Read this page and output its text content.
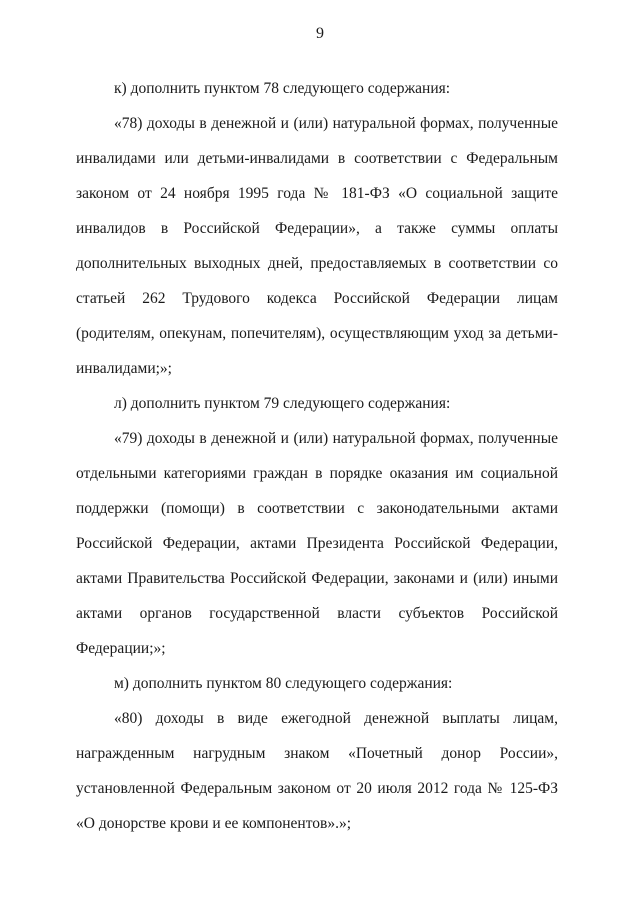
9

к) дополнить пунктом 78 следующего содержания:

«78) доходы в денежной и (или) натуральной формах, полученные инвалидами или детьми-инвалидами в соответствии с Федеральным законом от 24 ноября 1995 года № 181-ФЗ «О социальной защите инвалидов в Российской Федерации», а также суммы оплаты дополнительных выходных дней, предоставляемых в соответствии со статьей 262 Трудового кодекса Российской Федерации лицам (родителям, опекунам, попечителям), осуществляющим уход за детьми-инвалидами;»;

л) дополнить пунктом 79 следующего содержания:

«79) доходы в денежной и (или) натуральной формах, полученные отдельными категориями граждан в порядке оказания им социальной поддержки (помощи) в соответствии с законодательными актами Российской Федерации, актами Президента Российской Федерации, актами Правительства Российской Федерации, законами и (или) иными актами органов государственной власти субъектов Российской Федерации;»;

м) дополнить пунктом 80 следующего содержания:

«80) доходы в виде ежегодной денежной выплаты лицам, награжденным нагрудным знаком «Почетный донор России», установленной Федеральным законом от 20 июля 2012 года № 125-ФЗ «О донорстве крови и ее компонентов».»;
